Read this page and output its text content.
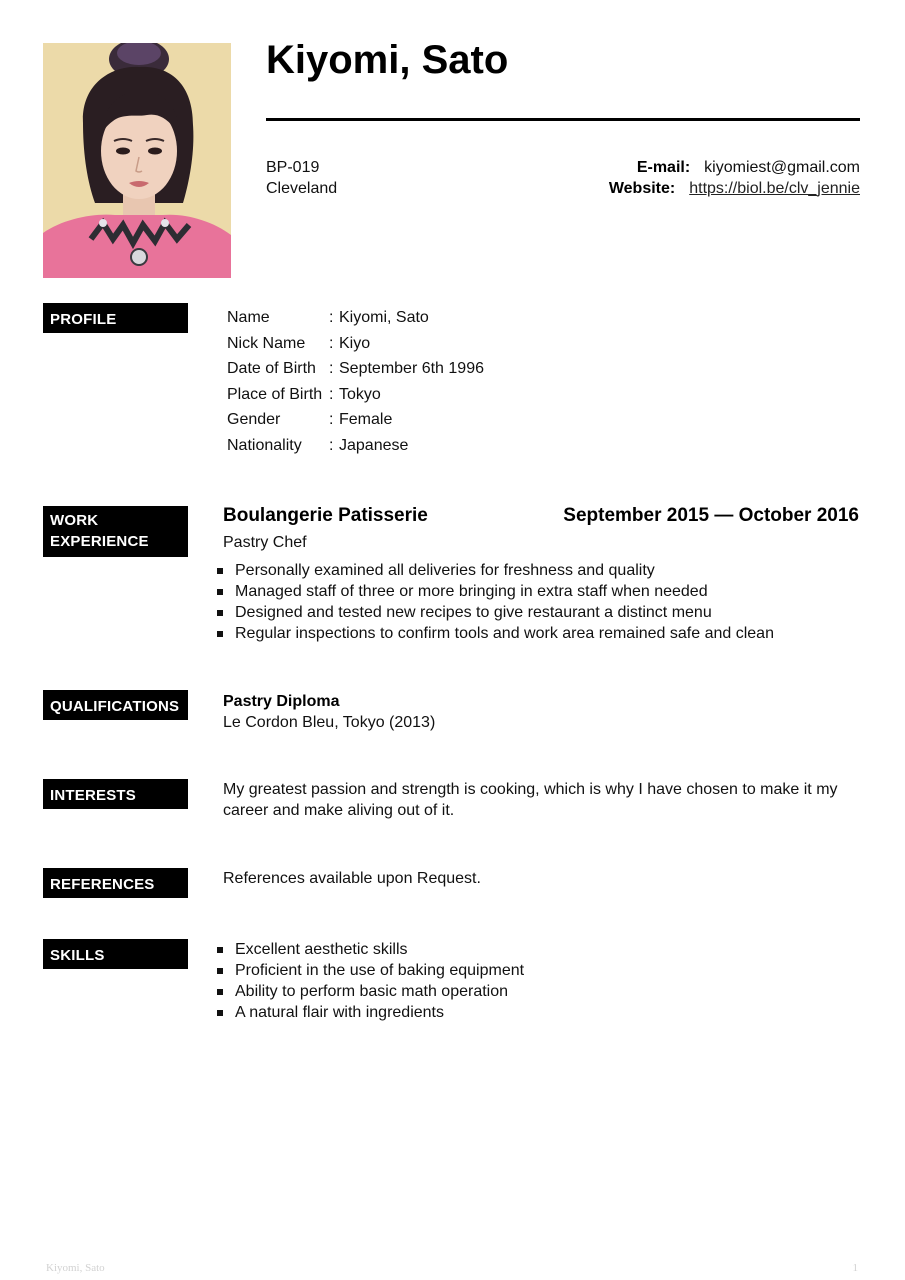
Kiyomi, Sato
BP-019
Cleveland
E-mail: kiyomiest@gmail.com
Website: https://biol.be/clv_jennie
PROFILE	Name	: Kiyomi, Sato
Nick Name	: Kiyo
Date of Birth : September 6th 1996
Place of Birth : Tokyo
Gender	: Female
Nationality	: Japanese
WORK
EXPERIENCE
Boulangerie Patisserie	September 2015 — October 2016
Pastry Chef
Personally examined all deliveries for freshness and quality
Managed staff of three or more bringing in extra staff when needed
Designed and tested new recipes to give restaurant a distinct menu
Regular inspections to confirm tools and work area remained safe and clean
QUALIFICATIONS	Pastry Diploma
Le Cordon Bleu, Tokyo (2013)
INTERESTS	My greatest passion and strength is cooking, which is why I have chosen to make it my career and make aliving out of it.
REFERENCES	References available upon Request.
SKILLS	Excellent aesthetic skills
Proficient in the use of baking equipment
Ability to perform basic math operation
A natural flair with ingredients
Kiyomi, Sato	1
